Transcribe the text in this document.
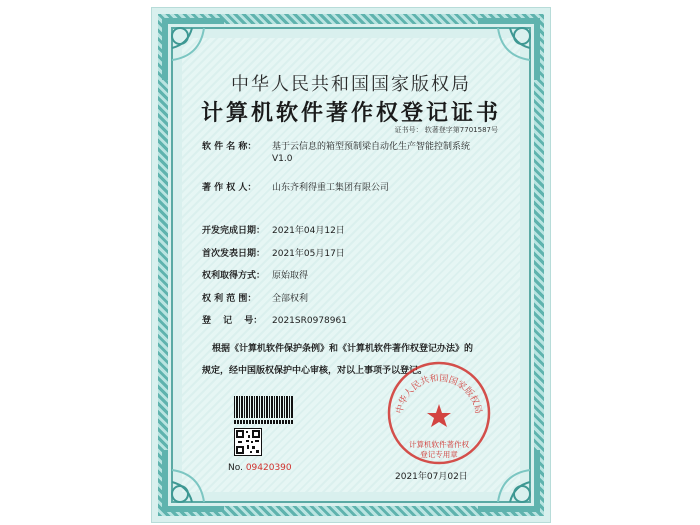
中华人民共和国国家版权局
计算机软件著作权登记证书
证书号： 软著登字第7701587号
软 件 名 称： 基于云信息的箱型预制梁自动化生产智能控制系统
V1.0
著 作 权 人： 山东齐利得重工集团有限公司
开发完成日期： 2021年04月12日
首次发表日期： 2021年05月17日
权利取得方式： 原始取得
权 利 范 围： 全部权利
登　 记　 号： 2021SR0978961
根据《计算机软件保护条例》和《计算机软件著作权登记办法》的
规定，经中国版权保护中心审核，对以上事项予以登记。
No. 09420390
中华人民共和国国家版权局
计算机软件著作权
登记专用章
2021年07月02日
